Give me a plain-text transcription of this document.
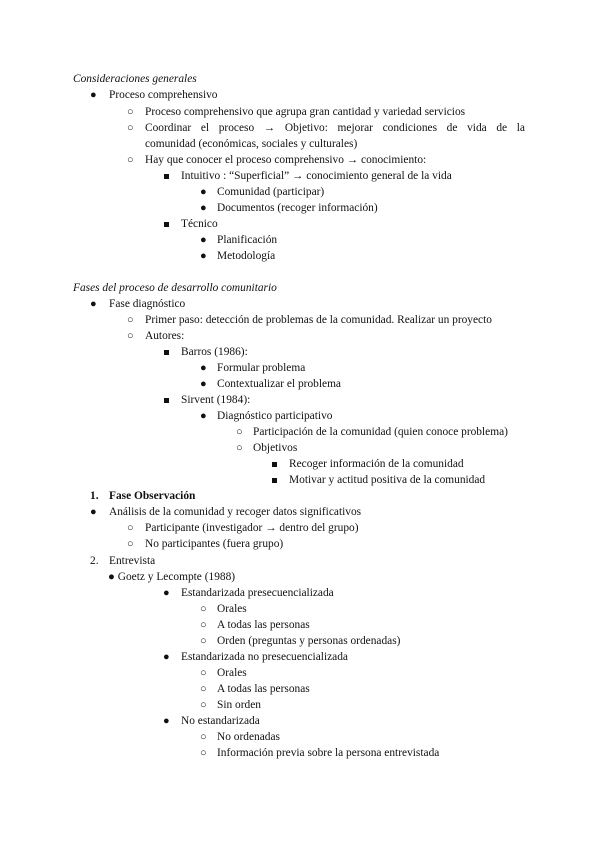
Consideraciones generales
● Proceso comprehensivo
○ Proceso comprehensivo que agrupa gran cantidad y variedad servicios
○ Coordinar el proceso → Objetivo: mejorar condiciones de vida de la
comunidad (económicas, sociales y culturales)
○ Hay que conocer el proceso comprehensivo → conocimiento:
Intuitivo : “Superficial” → conocimiento general de la vida
● Comunidad (participar)
● Documentos (recoger información)
Técnico
● Planificación
● Metodología
Fases del proceso de desarrollo comunitario
● Fase diagnóstico
○ Primer paso: detección de problemas de la comunidad. Realizar un proyecto
○ Autores:
Barros (1986):
● Formular problema
● Contextualizar el problema
Sirvent (1984):
● Diagnóstico participativo
○ Participación de la comunidad (quien conoce problema)
○ Objetivos
Recoger información de la comunidad
Motivar y actitud positiva de la comunidad
1. Fase Observación
● Análisis de la comunidad y recoger datos significativos
○ Participante (investigador → dentro del grupo)
○ No participantes (fuera grupo)
2. Entrevista
● Goetz y Lecompte (1988)
● Estandarizada presecuencializada
○ Orales
○ A todas las personas
○ Orden (preguntas y personas ordenadas)
● Estandarizada no presecuencializada
○ Orales
○ A todas las personas
○ Sin orden
● No estandarizada
○ No ordenadas
○ Información previa sobre la persona entrevistada
